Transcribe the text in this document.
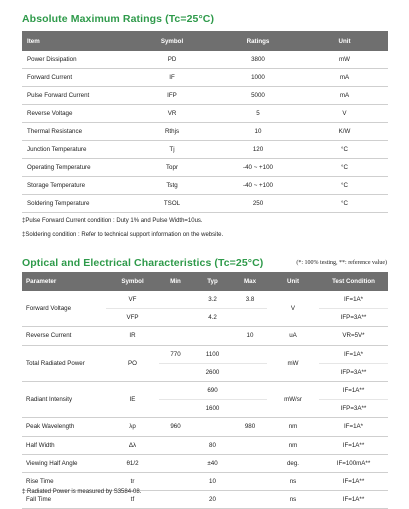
Absolute Maximum Ratings (Tc=25°C)
Item	Symbol	Ratings	Unit
Power Dissipation	PD	3800	mW
Forward Current	IF	1000	mA
Pulse Forward Current	IFP	5000	mA
Reverse Voltage	VR	5	V
Thermal Resistance	Rthjs	10	K/W
Junction Temperature	Tj	120	°C
Operating Temperature	Topr	-40 ~ +100	°C
Storage Temperature	Tstg	-40 ~ +100	°C
Soldering Temperature	TSOL	250	°C
‡Pulse Forward Current condition : Duty 1% and Pulse Width=10us.
‡Soldering condition : Refer to technical support information on the website.
Optical and Electrical Characteristics (Tc=25°C)	(*: 100% testing, **: reference value)
Parameter	Symbol	Min	Typ	Max	Unit	Test Condition
Forward Voltage	VF		3.2	3.8	V	IF=1A*
	VFP		4.2			IFP=3A**
Reverse Current	IR			10	uA	VR=5V*
Total Radiated Power	PO	770	1100		mW	IF=1A*
			2600			IFP=3A**
Radiant Intensity	IE		690		mW/sr	IF=1A**
			1600			IFP=3A**
Peak Wavelength	λp	960		980	nm	IF=1A*
Half Width	Δλ		80		nm	IF=1A**
Viewing Half Angle	θ1/2		±40		deg.	IF=100mA**
Rise Time	tr		10		ns	IF=1A**
Fall Time	tf		20		ns	IF=1A**
‡ Radiated Power is measured by S3584-08.
